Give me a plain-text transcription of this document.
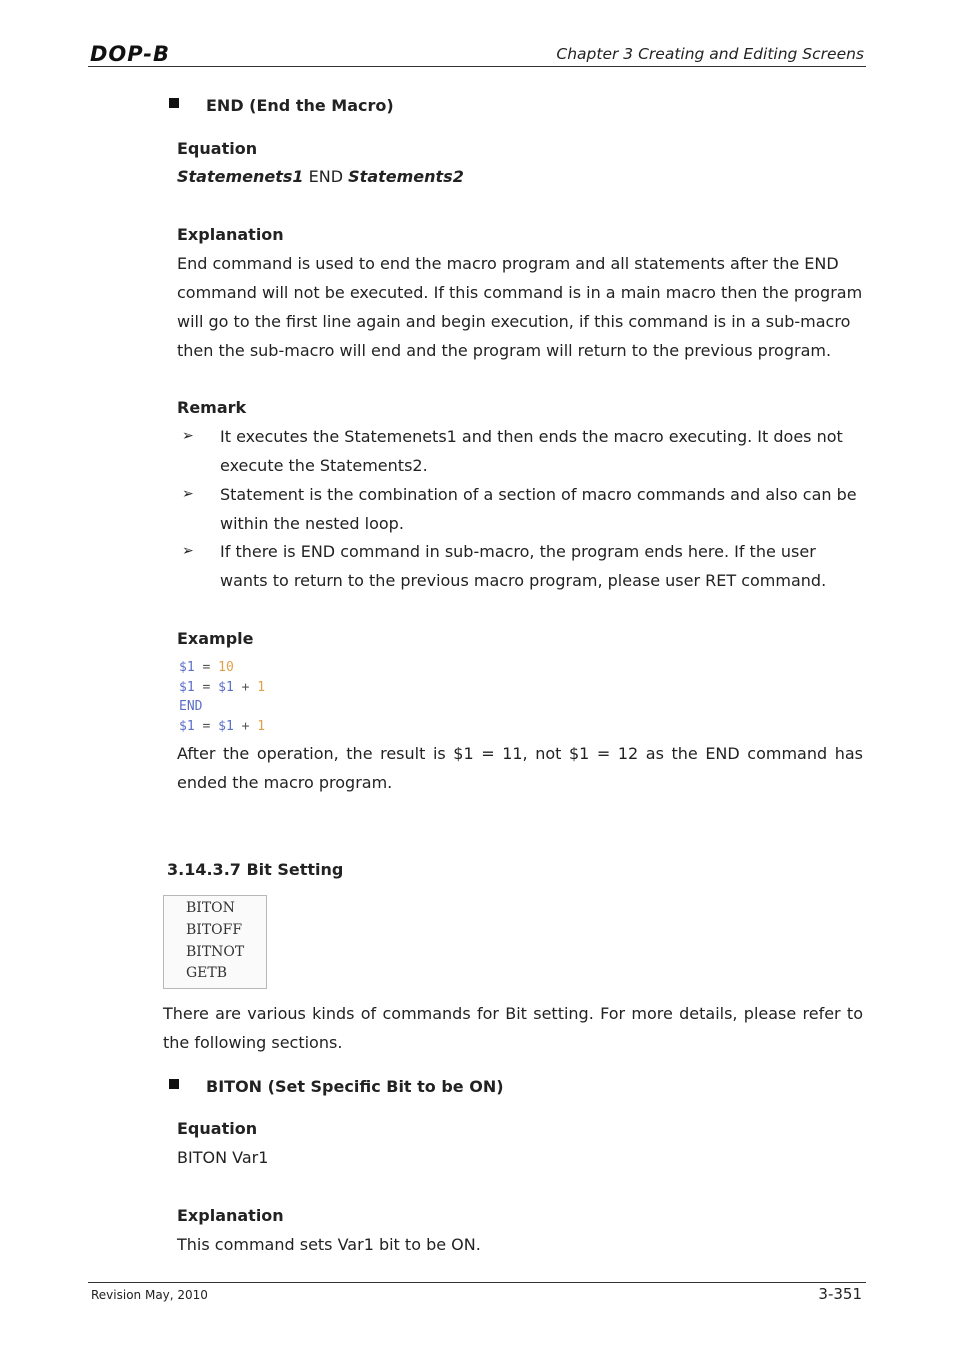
DOP-B	Chapter 3 Creating and Editing Screens
END (End the Macro)
Equation
Statemenets1 END Statements2
Explanation
End command is used to end the macro program and all statements after the END
command will not be executed. If this command is in a main macro then the program
will go to the first line again and begin execution, if this command is in a sub-macro
then the sub-macro will end and the program will return to the previous program.
Remark
➢ It executes the Statemenets1 and then ends the macro executing. It does not
execute the Statements2.
➢ Statement is the combination of a section of macro commands and also can be
within the nested loop.
➢ If there is END command in sub-macro, the program ends here. If the user
wants to return to the previous macro program, please user RET command.
Example
$1 = 10
$1 = $1 + 1
END
$1 = $1 + 1
After the operation, the result is $1 = 11, not $1 = 12 as the END command has
ended the macro program.
3.14.3.7 Bit Setting
BITON
BITOFF
BITNOT
GETB
There are various kinds of commands for Bit setting. For more details, please refer to
the following sections.
BITON (Set Specific Bit to be ON)
Equation
BITON Var1
Explanation
This command sets Var1 bit to be ON.
Revision May, 2010	3-351
